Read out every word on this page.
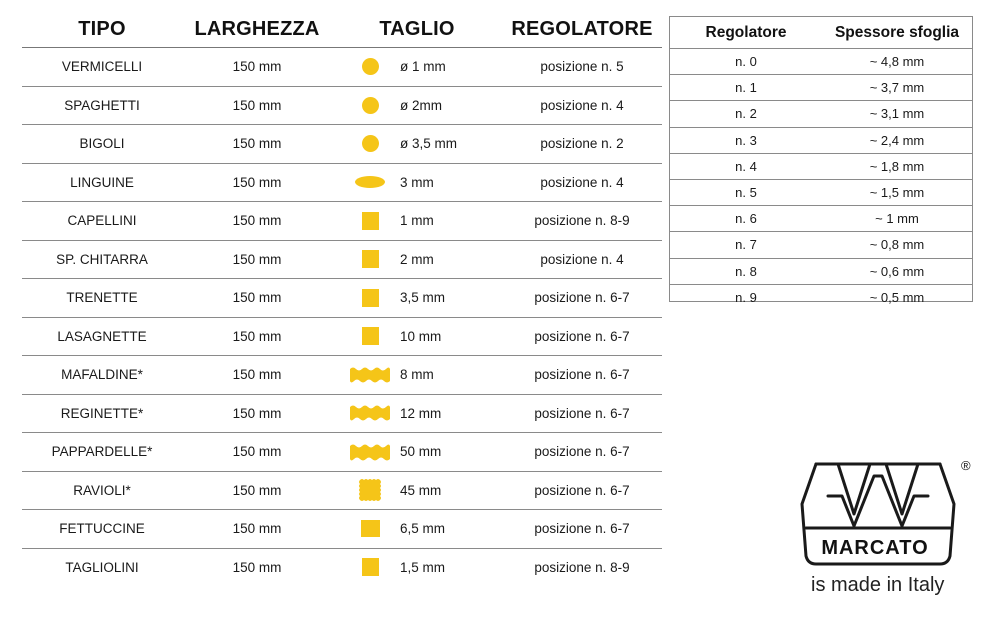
TIPO	LARGHEZZA	TAGLIO	REGOLATORE
VERMICELLI	150 mm	ø 1 mm	posizione n. 5
SPAGHETTI	150 mm	ø 2mm	posizione n. 4
BIGOLI	150 mm	ø 3,5 mm	posizione n. 2
LINGUINE	150 mm	3 mm	posizione n. 4
CAPELLINI	150 mm	1 mm	posizione n. 8-9
SP. CHITARRA	150 mm	2 mm	posizione n. 4
TRENETTE	150 mm	3,5 mm	posizione n. 6-7
LASAGNETTE	150 mm	10 mm	posizione n. 6-7
MAFALDINE*	150 mm	8 mm	posizione n. 6-7
REGINETTE*	150 mm	12 mm	posizione n. 6-7
PAPPARDELLE*	150 mm	50 mm	posizione n. 6-7
RAVIOLI*	150 mm	45 mm	posizione n. 6-7
FETTUCCINE	150 mm	6,5 mm	posizione n. 6-7
TAGLIOLINI	150 mm	1,5 mm	posizione n. 8-9
Regolatore	Spessore sfoglia
n. 0	~ 4,8 mm
n. 1	~ 3,7 mm
n. 2	~ 3,1 mm
n. 3	~ 2,4 mm
n. 4	~ 1,8 mm
n. 5	~ 1,5 mm
n. 6	~ 1 mm
n. 7	~ 0,8 mm
n. 8	~ 0,6 mm
n. 9	~ 0,5 mm
®
MARCATO
is made in Italy
